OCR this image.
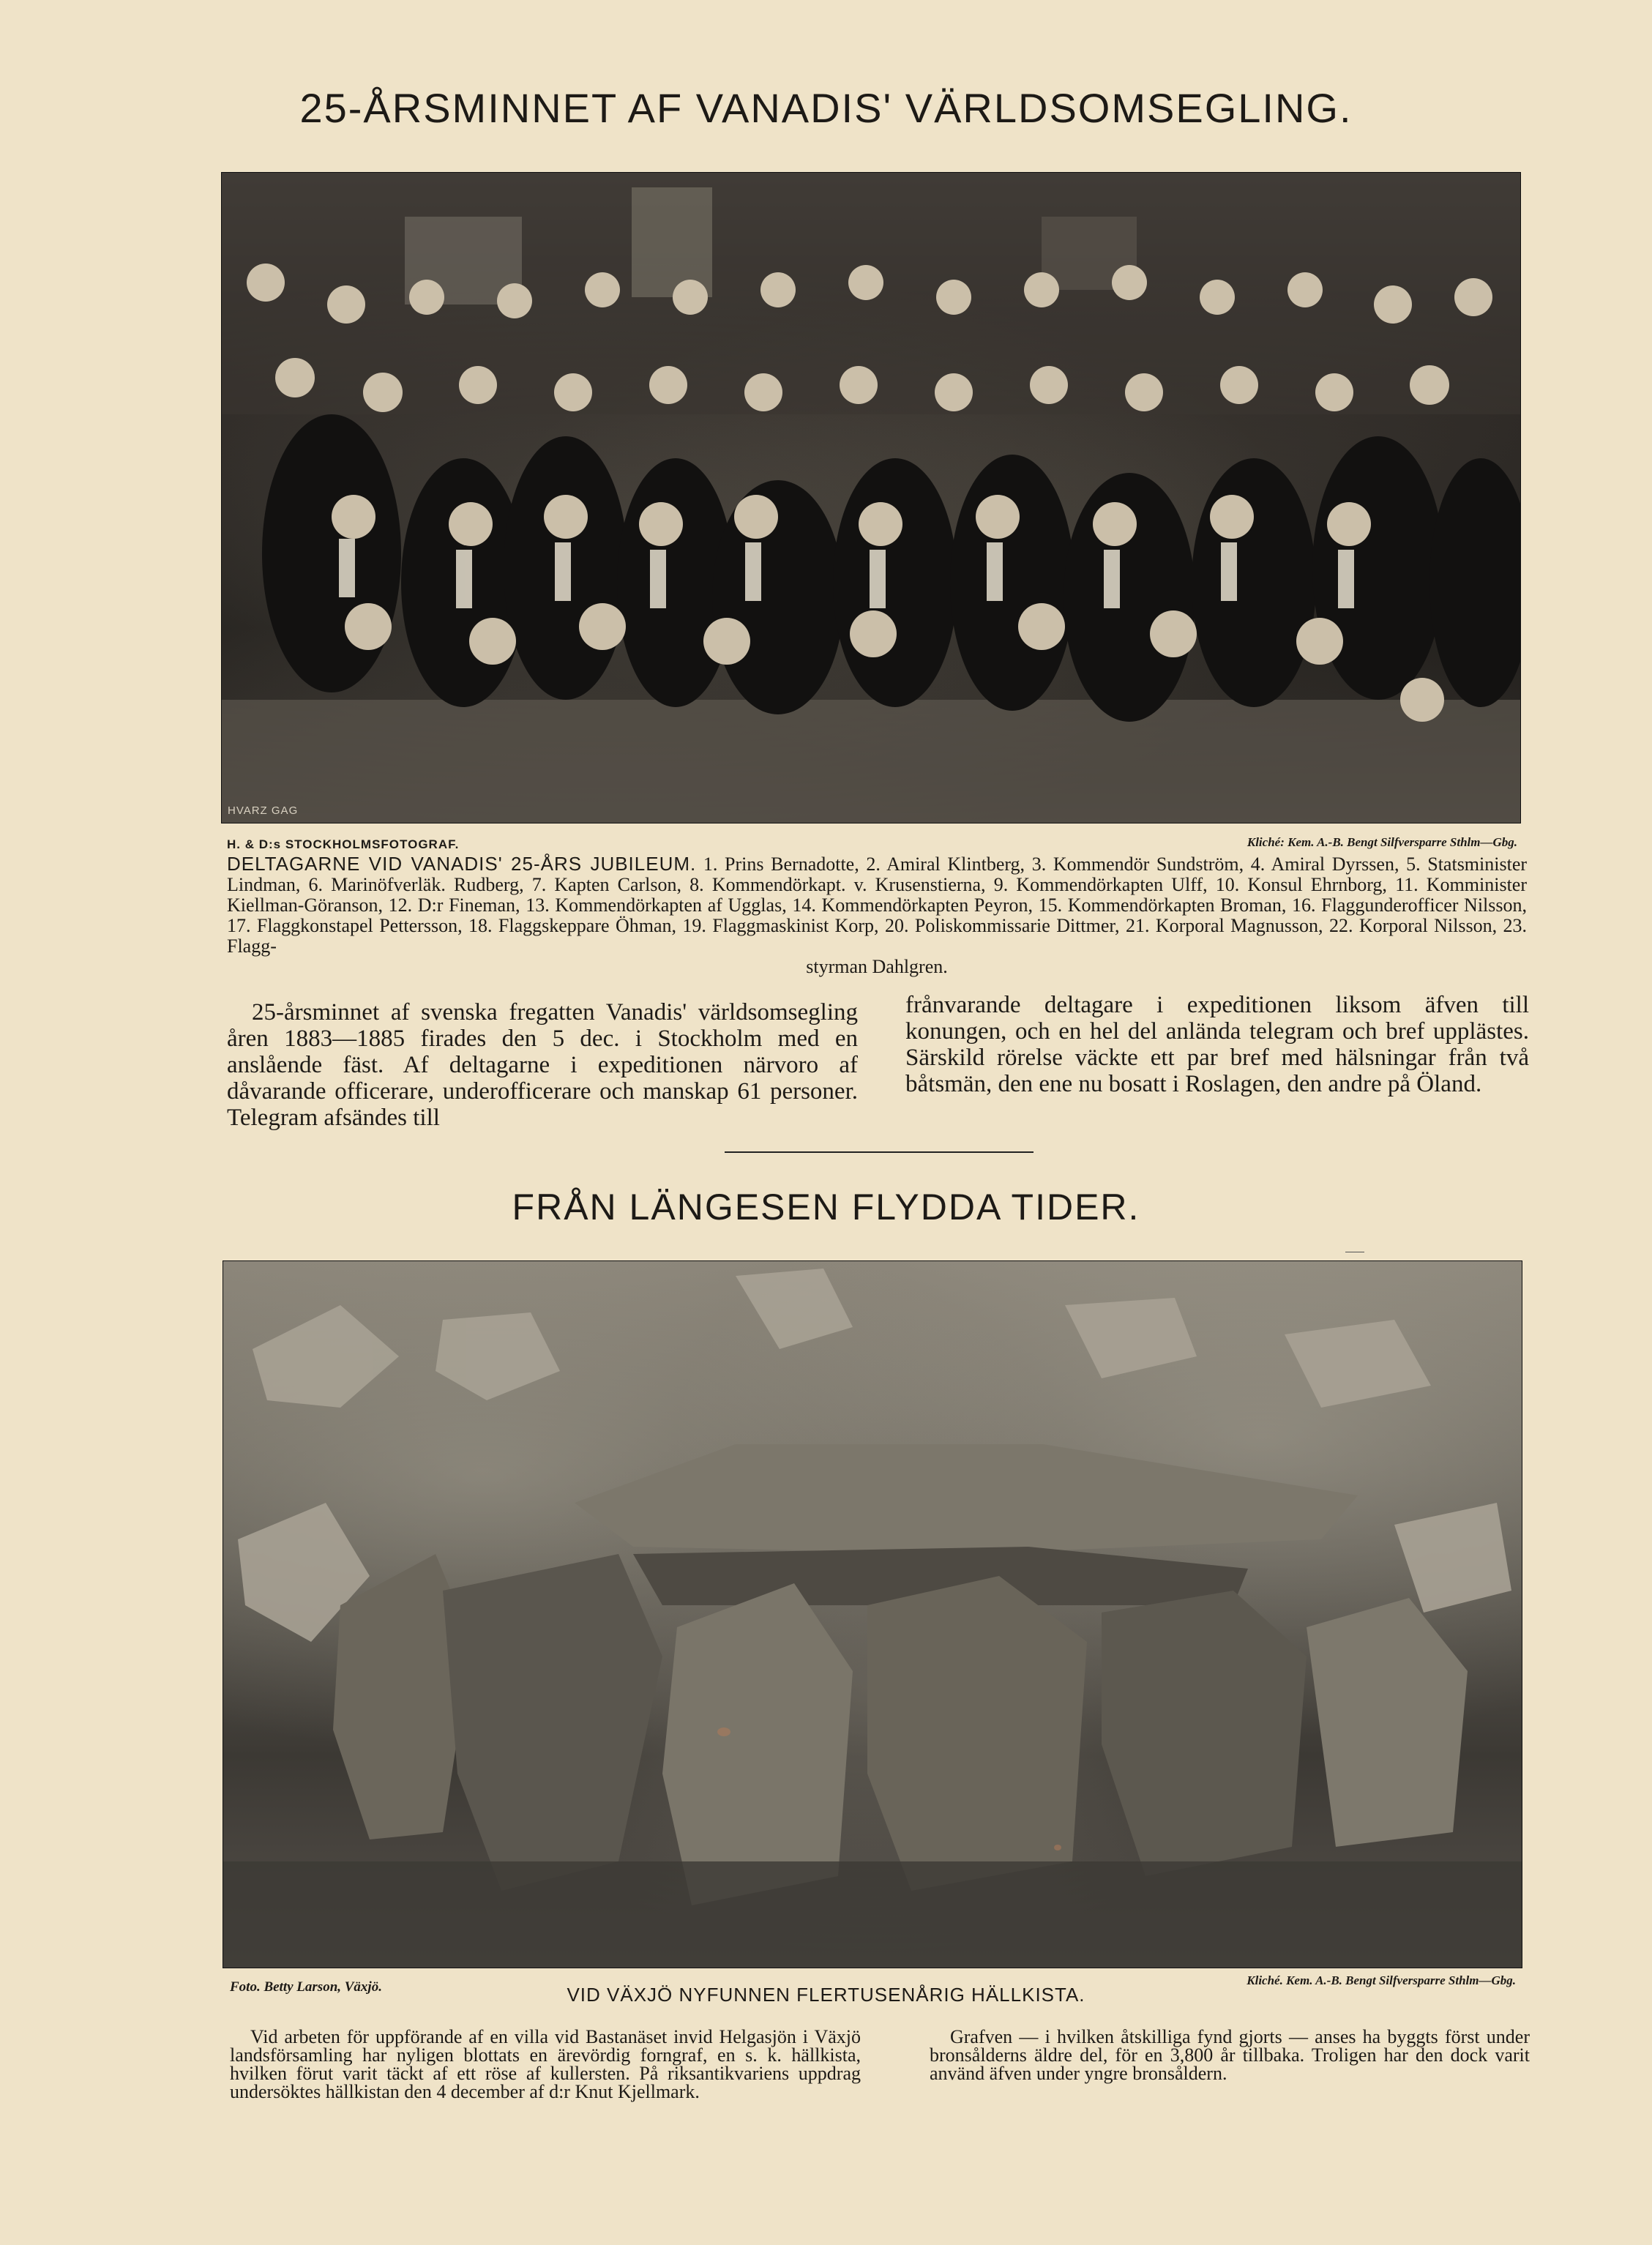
25-ÅRSMINNET AF VANADIS' VÄRLDSOMSEGLING.
HVARZ GAG
H. & D:s STOCKHOLMSFOTOGRAF.	Kliché: Kem. A.-B. Bengt Silfversparre Sthlm—Gbg.
DELTAGARNE VID VANADIS' 25-ÅRS JUBILEUM. 1. Prins Bernadotte, 2. Amiral Klintberg, 3. Kommendör Sundström, 4. Amiral Dyrssen, 5. Statsminister Lindman, 6. Marinöfverläk. Rudberg, 7. Kapten Carlson, 8. Kommendörkapt. v. Krusenstierna, 9. Kommendörkapten Ulff, 10. Konsul Ehrnborg, 11. Komminister Kiellman-Göranson, 12. D:r Fineman, 13. Kommendörkapten af Ugglas, 14. Kommendörkapten Peyron, 15. Kommendörkapten Broman, 16. Flaggunderofficer Nilsson, 17. Flaggkonstapel Pettersson, 18. Flaggskeppare Öhman, 19. Flaggmaskinist Korp, 20. Poliskommissarie Dittmer, 21. Korporal Magnusson, 22. Korporal Nilsson, 23. Flagg-
styrman Dahlgren.
25-årsminnet af svenska fregatten Vanadis' världsomsegling åren 1883—1885 firades den 5 dec. i Stockholm med en anslående fäst. Af deltagarne i expeditionen närvoro af dåvarande officerare, underofficerare och manskap 61 personer. Telegram afsändes till
frånvarande deltagare i expeditionen liksom äfven till konungen, och en hel del anlända telegram och bref upplästes. Särskild rörelse väckte ett par bref med hälsningar från två båtsmän, den ene nu bosatt i Roslagen, den andre på Öland.
FRÅN LÄNGESEN FLYDDA TIDER.
Foto. Betty Larson, Växjö.	Kliché. Kem. A.-B. Bengt Silfversparre Sthlm—Gbg.
VID VÄXJÖ NYFUNNEN FLERTUSENÅRIG HÄLLKISTA.
Vid arbeten för uppförande af en villa vid Bastanäset invid Helgasjön i Växjö landsförsamling har nyligen blottats en ärevördig forngraf, en s. k. hällkista, hvilken förut varit täckt af ett röse af kullersten. På riksantikvariens uppdrag undersöktes hällkistan den 4 december af d:r Knut Kjellmark.
Grafven — i hvilken åtskilliga fynd gjorts — anses ha byggts först under bronsålderns äldre del, för en 3,800 år tillbaka. Troligen har den dock varit använd äfven under yngre bronsåldern.
